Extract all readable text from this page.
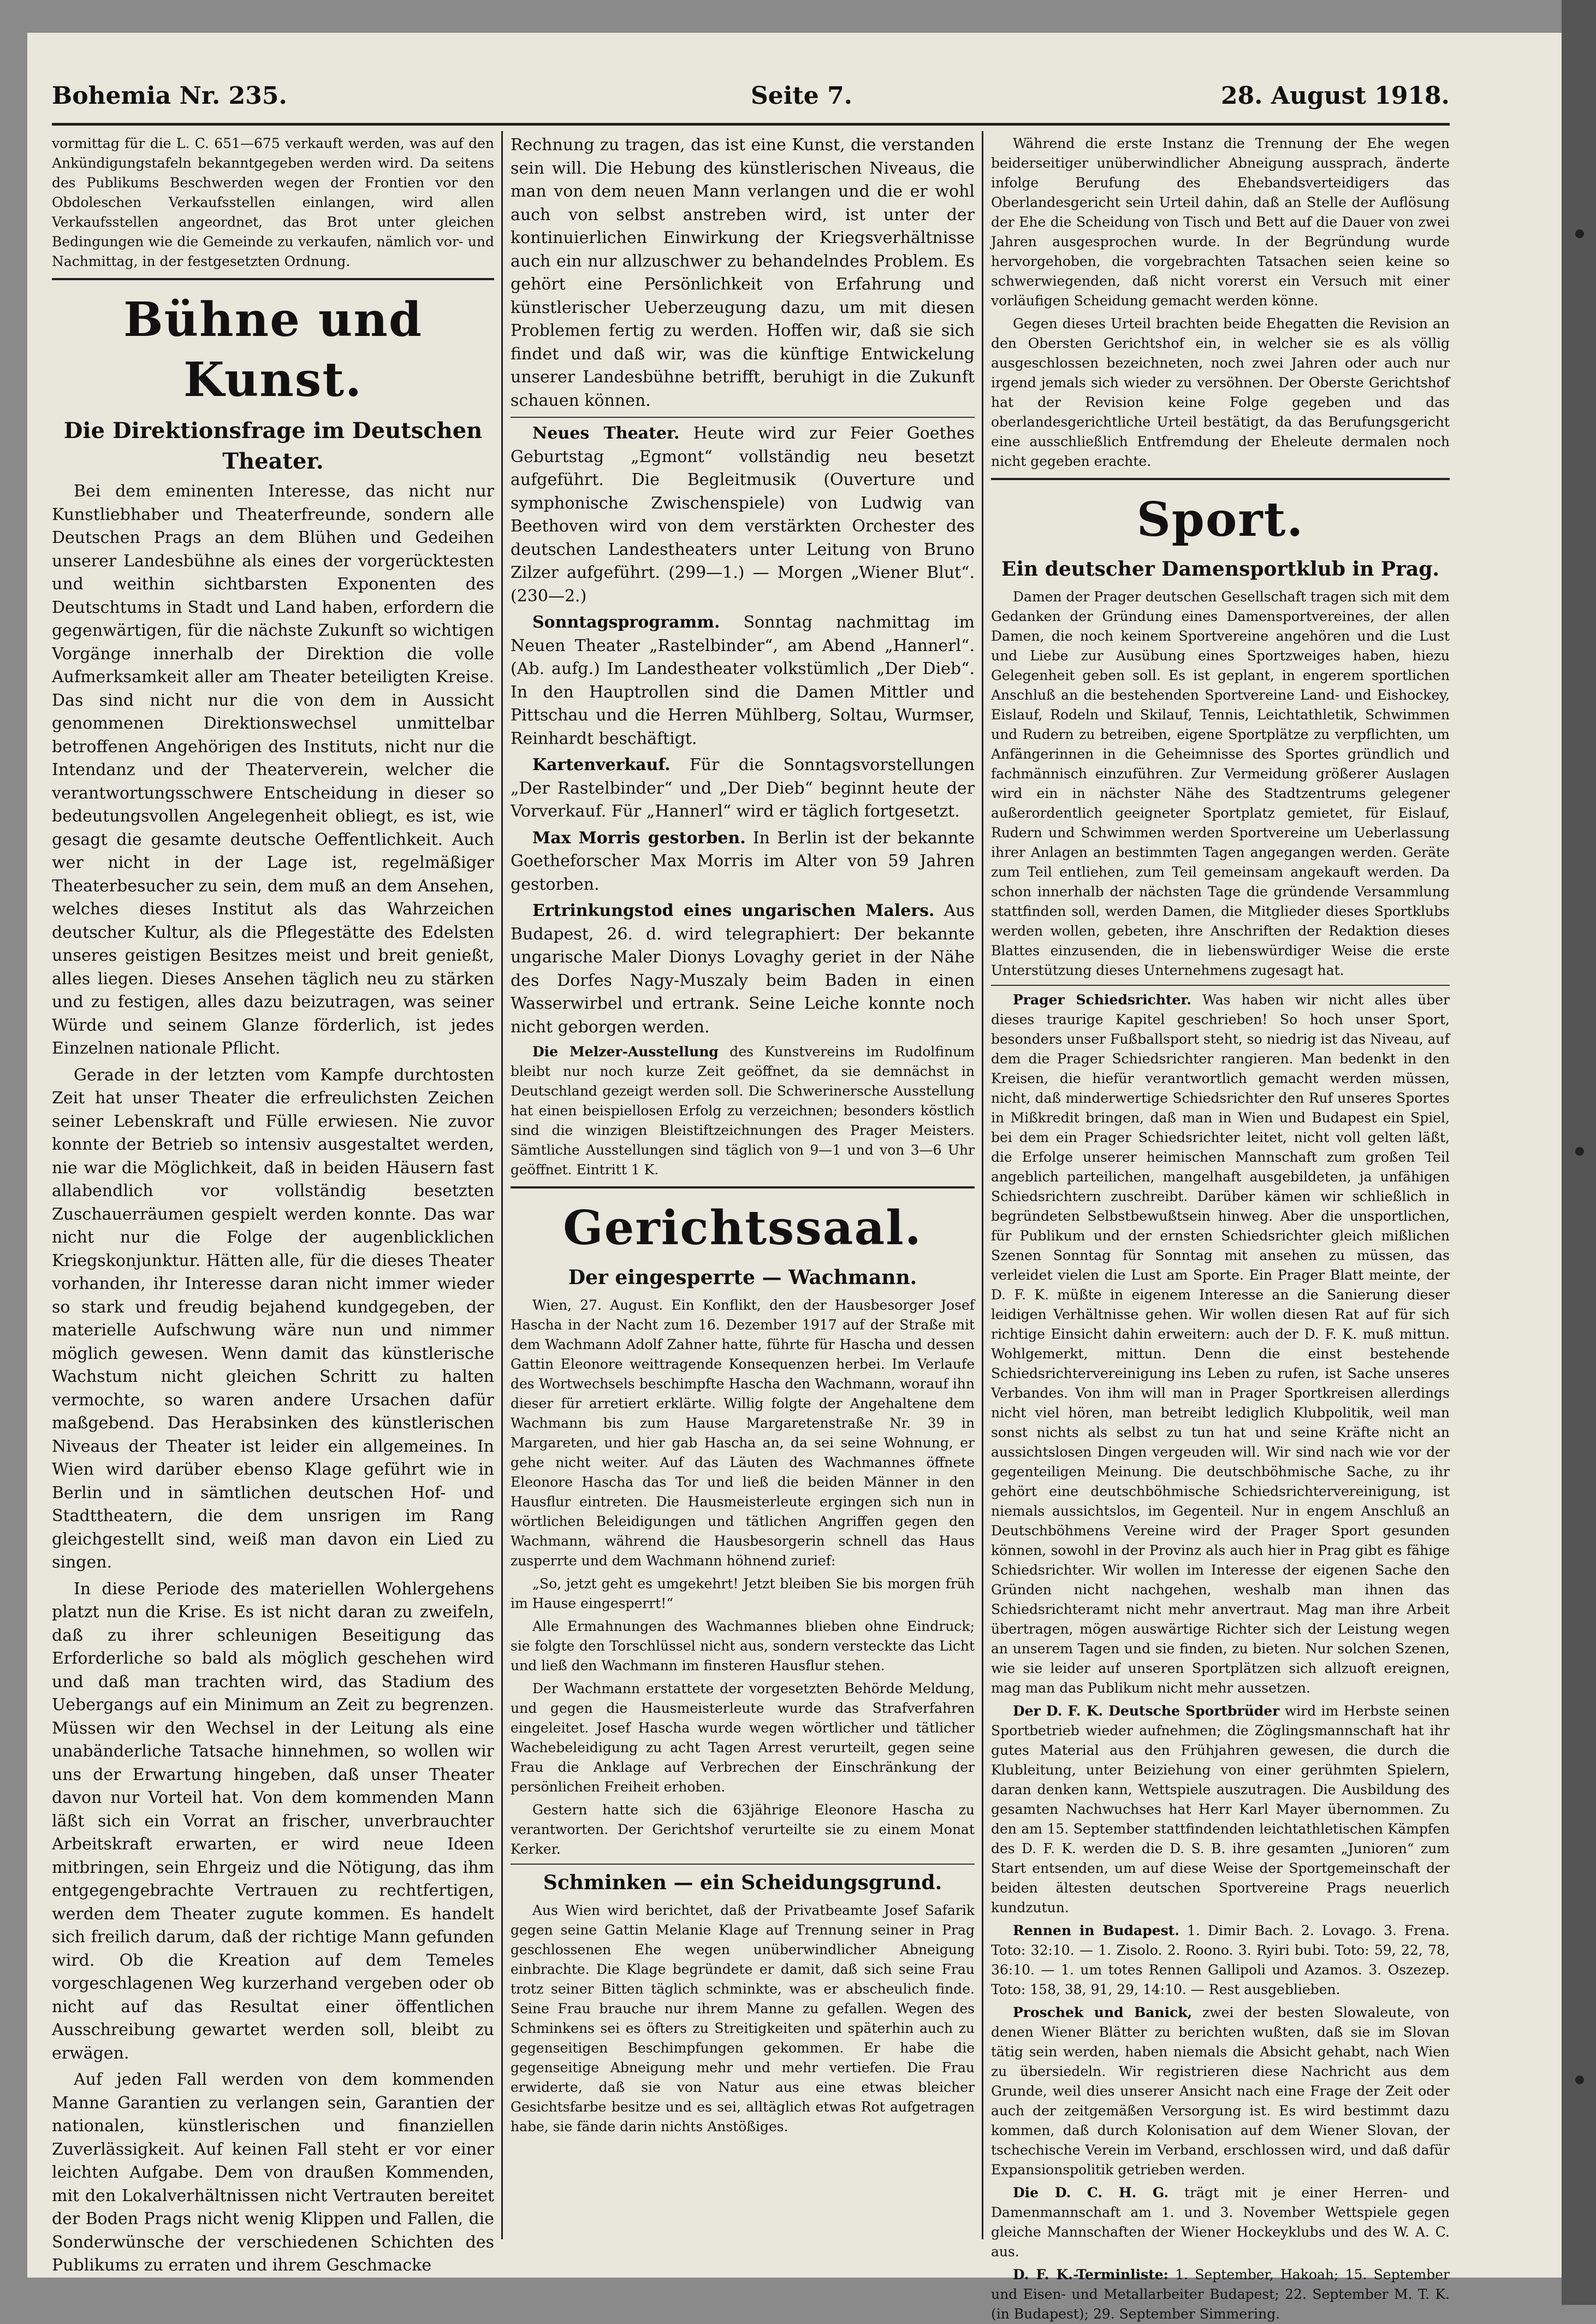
Bohemia Nr. 235.	Seite 7.	28. August 1918.

vormittag für die L. C. 651—675 verkauft werden, was auf den Ankündigungstafeln bekanntgegeben werden wird. Da seitens des Publikums Beschwerden wegen der Frontien vor den Obdoleschen Verkaufsstellen einlangen, wird allen Verkaufsstellen angeordnet, das Brot unter gleichen Bedingungen wie die Gemeinde zu verkaufen, nämlich vor- und Nachmittag, in der festgesetzten Ordnung.

Bühne und Kunst.
Die Direktionsfrage im Deutschen Theater.

Bei dem eminenten Interesse, das nicht nur Kunstliebhaber und Theaterfreunde, sondern alle Deutschen Prags an dem Blühen und Gedeihen unserer Landesbühne als eines der vorgerücktesten und weithin sichtbarsten Exponenten des Deutschtums in Stadt und Land haben, erfordern die gegenwärtigen, für die nächste Zukunft so wichtigen Vorgänge innerhalb der Direktion die volle Aufmerksamkeit aller am Theater beteiligten Kreise. Das sind nicht nur die von dem in Aussicht genommenen Direktionswechsel unmittelbar betroffenen Angehörigen des Instituts, nicht nur die Intendanz und der Theaterverein, welcher die verantwortungsschwere Entscheidung in dieser so bedeutungsvollen Angelegenheit obliegt, es ist, wie gesagt die gesamte deutsche Oeffentlichkeit. Auch wer nicht in der Lage ist, regelmäßiger Theaterbesucher zu sein, dem muß an dem Ansehen, welches dieses Institut als das Wahrzeichen deutscher Kultur, als die Pflegestätte des Edelsten unseres geistigen Besitzes meist und breit genießt, alles liegen. Dieses Ansehen täglich neu zu stärken und zu festigen, alles dazu beizutragen, was seiner Würde und seinem Glanze förderlich, ist jedes Einzelnen nationale Pflicht.

Gerade in der letzten vom Kampfe durchtosten Zeit hat unser Theater die erfreulichsten Zeichen seiner Lebenskraft und Fülle erwiesen. Nie zuvor konnte der Betrieb so intensiv ausgestaltet werden, nie war die Möglichkeit, daß in beiden Häusern fast allabendlich vor vollständig besetzten Zuschauerräumen gespielt werden konnte. Das war nicht nur die Folge der augenblicklichen Kriegskonjunktur. Hätten alle, für die dieses Theater vorhanden, ihr Interesse daran nicht immer wieder so stark und freudig bejahend kundgegeben, der materielle Aufschwung wäre nun und nimmer möglich gewesen. Wenn damit das künstlerische Wachstum nicht gleichen Schritt zu halten vermochte, so waren andere Ursachen dafür maßgebend. Das Herabsinken des künstlerischen Niveaus der Theater ist leider ein allgemeines. In Wien wird darüber ebenso Klage geführt wie in Berlin und in sämtlichen deutschen Hof- und Stadttheatern, die dem unsrigen im Rang gleichgestellt sind, weiß man davon ein Lied zu singen.

In diese Periode des materiellen Wohlergehens platzt nun die Krise. Es ist nicht daran zu zweifeln, daß zu ihrer schleunigen Beseitigung das Erforderliche so bald als möglich geschehen wird und daß man trachten wird, das Stadium des Uebergangs auf ein Minimum an Zeit zu begrenzen. Müssen wir den Wechsel in der Leitung als eine unabänderliche Tatsache hinnehmen, so wollen wir uns der Erwartung hingeben, daß unser Theater davon nur Vorteil hat. Von dem kommenden Mann läßt sich ein Vorrat an frischer, unverbrauchter Arbeitskraft erwarten, er wird neue Ideen mitbringen, sein Ehrgeiz und die Nötigung, das ihm entgegengebrachte Vertrauen zu rechtfertigen, werden dem Theater zugute kommen. Es handelt sich freilich darum, daß der richtige Mann gefunden wird. Ob die Kreation auf dem Temeles vorgeschlagenen Weg kurzerhand vergeben oder ob nicht auf das Resultat einer öffentlichen Ausschreibung gewartet werden soll, bleibt zu erwägen.

Auf jeden Fall werden von dem kommenden Manne Garantien zu verlangen sein, Garantien der nationalen, künstlerischen und finanziellen Zuverlässigkeit. Auf keinen Fall steht er vor einer leichten Aufgabe. Dem von draußen Kommenden, mit den Lokalverhältnissen nicht Vertrauten bereitet der Boden Prags nicht wenig Klippen und Fallen, die Sonderwünsche der verschiedenen Schichten des Publikums zu erraten und ihrem Geschmacke

Rechnung zu tragen, das ist eine Kunst, die verstanden sein will. Die Hebung des künstlerischen Niveaus, die man von dem neuen Mann verlangen und die er wohl auch von selbst anstreben wird, ist unter der kontinuierlichen Einwirkung der Kriegsverhältnisse auch ein nur allzuschwer zu behandelndes Problem. Es gehört eine Persönlichkeit von Erfahrung und künstlerischer Ueberzeugung dazu, um mit diesen Problemen fertig zu werden. Hoffen wir, daß sie sich findet und daß wir, was die künftige Entwickelung unserer Landesbühne betrifft, beruhigt in die Zukunft schauen können.

Neues Theater. Heute wird zur Feier Goethes Geburtstag „Egmont“ vollständig neu besetzt aufgeführt. Die Begleitmusik (Ouverture und symphonische Zwischenspiele) von Ludwig van Beethoven wird von dem verstärkten Orchester des deutschen Landestheaters unter Leitung von Bruno Zilzer aufgeführt. (299—1.) — Morgen „Wiener Blut“. (230—2.)

Sonntagsprogramm. Sonntag nachmittag im Neuen Theater „Rastelbinder“, am Abend „Hannerl“. (Ab. aufg.) Im Landestheater volkstümlich „Der Dieb“. In den Hauptrollen sind die Damen Mittler und Pittschau und die Herren Mühlberg, Soltau, Wurmser, Reinhardt beschäftigt.

Kartenverkauf. Für die Sonntagsvorstellungen „Der Rastelbinder“ und „Der Dieb“ beginnt heute der Vorverkauf. Für „Hannerl“ wird er täglich fortgesetzt.

Max Morris gestorben. In Berlin ist der bekannte Goetheforscher Max Morris im Alter von 59 Jahren gestorben.

Ertrinkungstod eines ungarischen Malers. Aus Budapest, 26. d. wird telegraphiert: Der bekannte ungarische Maler Dionys Lovaghy geriet in der Nähe des Dorfes Nagy-Muszaly beim Baden in einen Wasserwirbel und ertrank. Seine Leiche konnte noch nicht geborgen werden.

Die Melzer-Ausstellung des Kunstvereins im Rudolfinum bleibt nur noch kurze Zeit geöffnet, da sie demnächst in Deutschland gezeigt werden soll. Die Schwerinersche Ausstellung hat einen beispiellosen Erfolg zu verzeichnen; besonders köstlich sind die winzigen Bleistiftzeichnungen des Prager Meisters. Sämtliche Ausstellungen sind täglich von 9—1 und von 3—6 Uhr geöffnet. Eintritt 1 K.

Gerichtssaal.
Der eingesperrte — Wachmann.

Wien, 27. August. Ein Konflikt, den der Hausbesorger Josef Hascha in der Nacht zum 16. Dezember 1917 auf der Straße mit dem Wachmann Adolf Zahner hatte, führte für Hascha und dessen Gattin Eleonore weittragende Konsequenzen herbei. Im Verlaufe des Wortwechsels beschimpfte Hascha den Wachmann, worauf ihn dieser für arretiert erklärte. Willig folgte der Angehaltene dem Wachmann bis zum Hause Margaretenstraße Nr. 39 in Margareten, und hier gab Hascha an, da sei seine Wohnung, er gehe nicht weiter. Auf das Läuten des Wachmannes öffnete Eleonore Hascha das Tor und ließ die beiden Männer in den Hausflur eintreten. Die Hausmeisterleute ergingen sich nun in wörtlichen Beleidigungen und tätlichen Angriffen gegen den Wachmann, während die Hausbesorgerin schnell das Haus zusperrte und dem Wachmann höhnend zurief:

„So, jetzt geht es umgekehrt! Jetzt bleiben Sie bis morgen früh im Hause eingesperrt!“

Alle Ermahnungen des Wachmannes blieben ohne Eindruck; sie folgte den Torschlüssel nicht aus, sondern versteckte das Licht und ließ den Wachmann im finsteren Hausflur stehen.

Der Wachmann erstattete der vorgesetzten Behörde Meldung, und gegen die Hausmeisterleute wurde das Strafverfahren eingeleitet. Josef Hascha wurde wegen wörtlicher und tätlicher Wachebeleidigung zu acht Tagen Arrest verurteilt, gegen seine Frau die Anklage auf Verbrechen der Einschränkung der persönlichen Freiheit erhoben.

Gestern hatte sich die 63jährige Eleonore Hascha zu verantworten. Der Gerichtshof verurteilte sie zu einem Monat Kerker.

Schminken — ein Scheidungsgrund.

Aus Wien wird berichtet, daß der Privatbeamte Josef Safarik gegen seine Gattin Melanie Klage auf Trennung seiner in Prag geschlossenen Ehe wegen unüberwindlicher Abneigung einbrachte. Die Klage begründete er damit, daß sich seine Frau trotz seiner Bitten täglich schminkte, was er abscheulich finde. Seine Frau brauche nur ihrem Manne zu gefallen. Wegen des Schminkens sei es öfters zu Streitigkeiten und späterhin auch zu gegenseitigen Beschimpfungen gekommen. Er habe die gegenseitige Abneigung mehr und mehr vertiefen. Die Frau erwiderte, daß sie von Natur aus eine etwas bleicher Gesichtsfarbe besitze und es sei, alltäglich etwas Rot aufgetragen habe, sie fände darin nichts Anstößiges.

Während die erste Instanz die Trennung der Ehe wegen beiderseitiger unüberwindlicher Abneigung aussprach, änderte infolge Berufung des Ehebandsverteidigers das Oberlandesgericht sein Urteil dahin, daß an Stelle der Auflösung der Ehe die Scheidung von Tisch und Bett auf die Dauer von zwei Jahren ausgesprochen wurde. In der Begründung wurde hervorgehoben, die vorgebrachten Tatsachen seien keine so schwerwiegenden, daß nicht vorerst ein Versuch mit einer vorläufigen Scheidung gemacht werden könne.

Gegen dieses Urteil brachten beide Ehegatten die Revision an den Obersten Gerichtshof ein, in welcher sie es als völlig ausgeschlossen bezeichneten, noch zwei Jahren oder auch nur irgend jemals sich wieder zu versöhnen. Der Oberste Gerichtshof hat der Revision keine Folge gegeben und das oberlandesgerichtliche Urteil bestätigt, da das Berufungsgericht eine ausschließlich Entfremdung der Eheleute dermalen noch nicht gegeben erachte.

Sport.
Ein deutscher Damensportklub in Prag.

Damen der Prager deutschen Gesellschaft tragen sich mit dem Gedanken der Gründung eines Damensportvereines, der allen Damen, die noch keinem Sportvereine angehören und die Lust und Liebe zur Ausübung eines Sportzweiges haben, hiezu Gelegenheit geben soll. Es ist geplant, in engerem sportlichen Anschluß an die bestehenden Sportvereine Land- und Eishockey, Eislauf, Rodeln und Skilauf, Tennis, Leichtathletik, Schwimmen und Rudern zu betreiben, eigene Sportplätze zu verpflichten, um Anfängerinnen in die Geheimnisse des Sportes gründlich und fachmännisch einzuführen. Zur Vermeidung größerer Auslagen wird ein in nächster Nähe des Stadtzentrums gelegener außerordentlich geeigneter Sportplatz gemietet, für Eislauf, Rudern und Schwimmen werden Sportvereine um Ueberlassung ihrer Anlagen an bestimmten Tagen angegangen werden. Geräte zum Teil entliehen, zum Teil gemeinsam angekauft werden. Da schon innerhalb der nächsten Tage die gründende Versammlung stattfinden soll, werden Damen, die Mitglieder dieses Sportklubs werden wollen, gebeten, ihre Anschriften der Redaktion dieses Blattes einzusenden, die in liebenswürdiger Weise die erste Unterstützung dieses Unternehmens zugesagt hat.

Prager Schiedsrichter. Was haben wir nicht alles über dieses traurige Kapitel geschrieben! So hoch unser Sport, besonders unser Fußballsport steht, so niedrig ist das Niveau, auf dem die Prager Schiedsrichter rangieren. Man bedenkt in den Kreisen, die hiefür verantwortlich gemacht werden müssen, nicht, daß minderwertige Schiedsrichter den Ruf unseres Sportes in Mißkredit bringen, daß man in Wien und Budapest ein Spiel, bei dem ein Prager Schiedsrichter leitet, nicht voll gelten läßt, die Erfolge unserer heimischen Mannschaft zum großen Teil angeblich parteilichen, mangelhaft ausgebildeten, ja unfähigen Schiedsrichtern zuschreibt. Darüber kämen wir schließlich in begründeten Selbstbewußtsein hinweg. Aber die unsportlichen, für Publikum und der ernsten Schiedsrichter gleich mißlichen Szenen Sonntag für Sonntag mit ansehen zu müssen, das verleidet vielen die Lust am Sporte. Ein Prager Blatt meinte, der D. F. K. müßte in eigenem Interesse an die Sanierung dieser leidigen Verhältnisse gehen. Wir wollen diesen Rat auf für sich richtige Einsicht dahin erweitern: auch der D. F. K. muß mittun. Wohlgemerkt, mittun. Denn die einst bestehende Schiedsrichtervereinigung ins Leben zu rufen, ist Sache unseres Verbandes. Von ihm will man in Prager Sportkreisen allerdings nicht viel hören, man betreibt lediglich Klubpolitik, weil man sonst nichts als selbst zu tun hat und seine Kräfte nicht an aussichtslosen Dingen vergeuden will. Wir sind nach wie vor der gegenteiligen Meinung. Die deutschböhmische Sache, zu ihr gehört eine deutschböhmische Schiedsrichtervereinigung, ist niemals aussichtslos, im Gegenteil. Nur in engem Anschluß an Deutschböhmens Vereine wird der Prager Sport gesunden können, sowohl in der Provinz als auch hier in Prag gibt es fähige Schiedsrichter. Wir wollen im Interesse der eigenen Sache den Gründen nicht nachgehen, weshalb man ihnen das Schiedsrichteramt nicht mehr anvertraut. Mag man ihre Arbeit übertragen, mögen auswärtige Richter sich der Leistung wegen an unserem Tagen und sie finden, zu bieten. Nur solchen Szenen, wie sie leider auf unseren Sportplätzen sich allzuoft ereignen, mag man das Publikum nicht mehr aussetzen.

Der D. F. K. Deutsche Sportbrüder wird im Herbste seinen Sportbetrieb wieder aufnehmen; die Zöglingsmannschaft hat ihr gutes Material aus den Frühjahren gewesen, die durch die Klubleitung, unter Beiziehung von einer gerühmten Spielern, daran denken kann, Wettspiele auszutragen. Die Ausbildung des gesamten Nachwuchses hat Herr Karl Mayer übernommen. Zu den am 15. September stattfindenden leichtathletischen Kämpfen des D. F. K. werden die D. S. B. ihre gesamten „Junioren“ zum Start entsenden, um auf diese Weise der Sportgemeinschaft der beiden ältesten deutschen Sportvereine Prags neuerlich kundzutun.

Rennen in Budapest. 1. Dimir Bach. 2. Lovago. 3. Frena. Toto: 32:10. — 1. Zisolo. 2. Roono. 3. Ryiri bubi. Toto: 59, 22, 78, 36:10. — 1. um totes Rennen Gallipoli und Azamos. 3. Oszezep. Toto: 158, 38, 91, 29, 14:10. — Rest ausgeblieben.

Proschek und Banick, zwei der besten Slowaleute, von denen Wiener Blätter zu berichten wußten, daß sie im Slovan tätig sein werden, haben niemals die Absicht gehabt, nach Wien zu übersiedeln. Wir registrieren diese Nachricht aus dem Grunde, weil dies unserer Ansicht nach eine Frage der Zeit oder auch der zeitgemäßen Versorgung ist. Es wird bestimmt dazu kommen, daß durch Kolonisation auf dem Wiener Slovan, der tschechische Verein im Verband, erschlossen wird, und daß dafür Expansionspolitik getrieben werden.

Die D. C. H. G. trägt mit je einer Herren- und Damenmannschaft am 1. und 3. November Wettspiele gegen gleiche Mannschaften der Wiener Hockeyklubs und des W. A. C. aus.

D. F. K.-Terminliste: 1. September, Hakoah; 15. September und Eisen- und Metallarbeiter Budapest; 22. September M. T. K. (in Budapest); 29. September Simmering.
